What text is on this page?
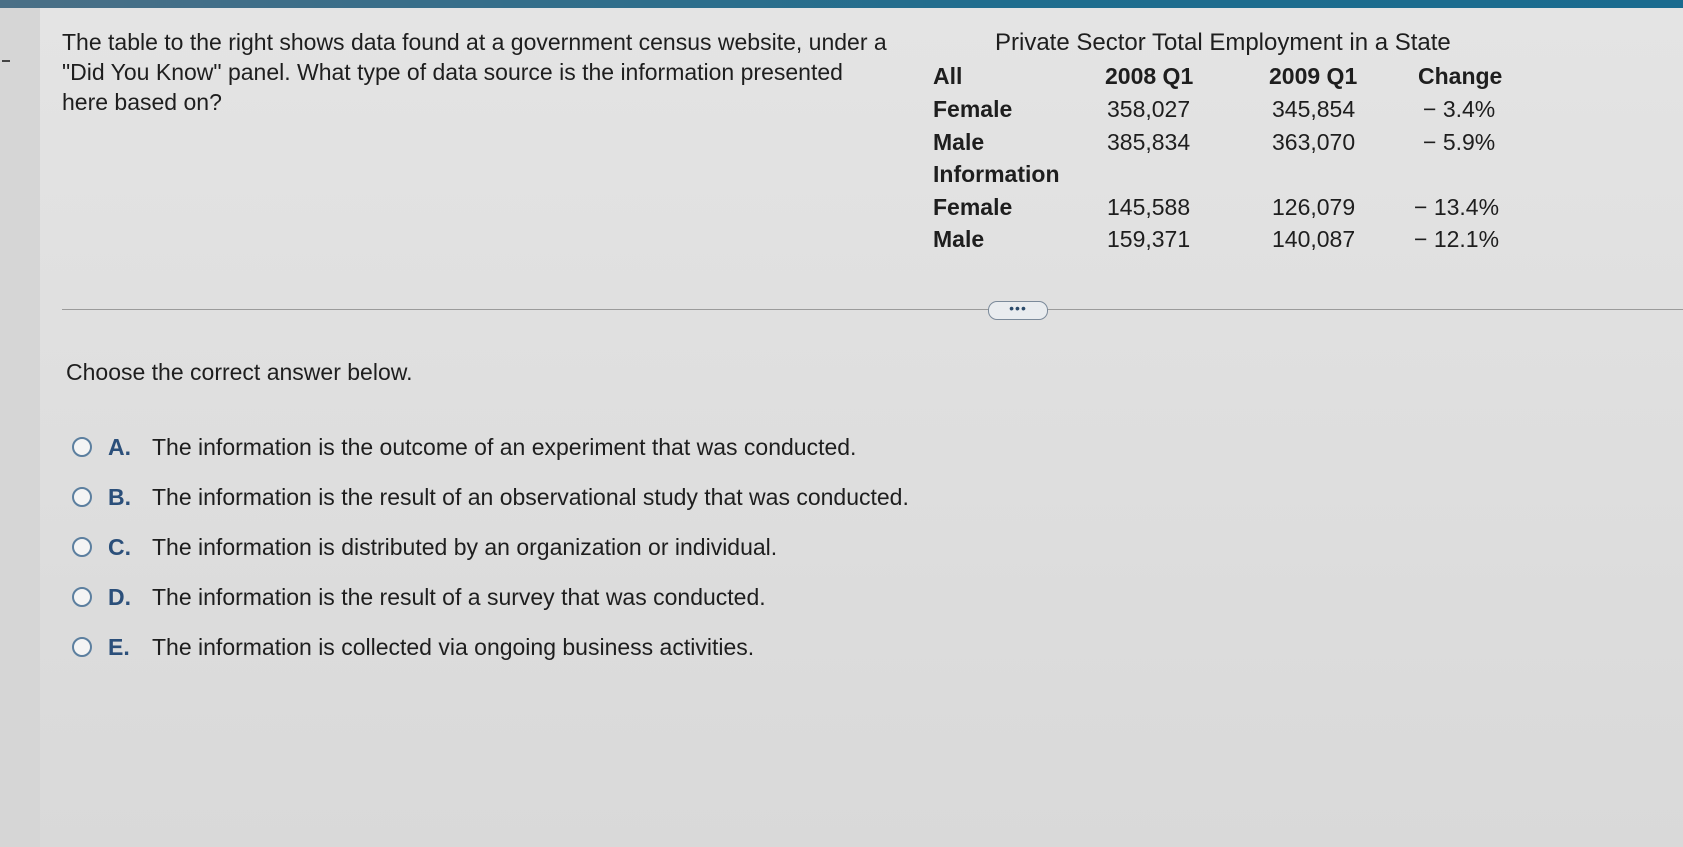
The table to the right shows data found at a government census website, under a "Did You Know" panel. What type of data source is the information presented here based on?

Private Sector Total Employment in a State

All	2008 Q1	2009 Q1	Change
Female	358,027	345,854	− 3.4%
Male	385,834	363,070	− 5.9%
Information
Female	145,588	126,079	− 13.4%
Male	159,371	140,087	− 12.1%
•••

Choose the correct answer below.

A. The information is the outcome of an experiment that was conducted.
B. The information is the result of an observational study that was conducted.
C. The information is distributed by an organization or individual.
D. The information is the result of a survey that was conducted.
E. The information is collected via ongoing business activities.
